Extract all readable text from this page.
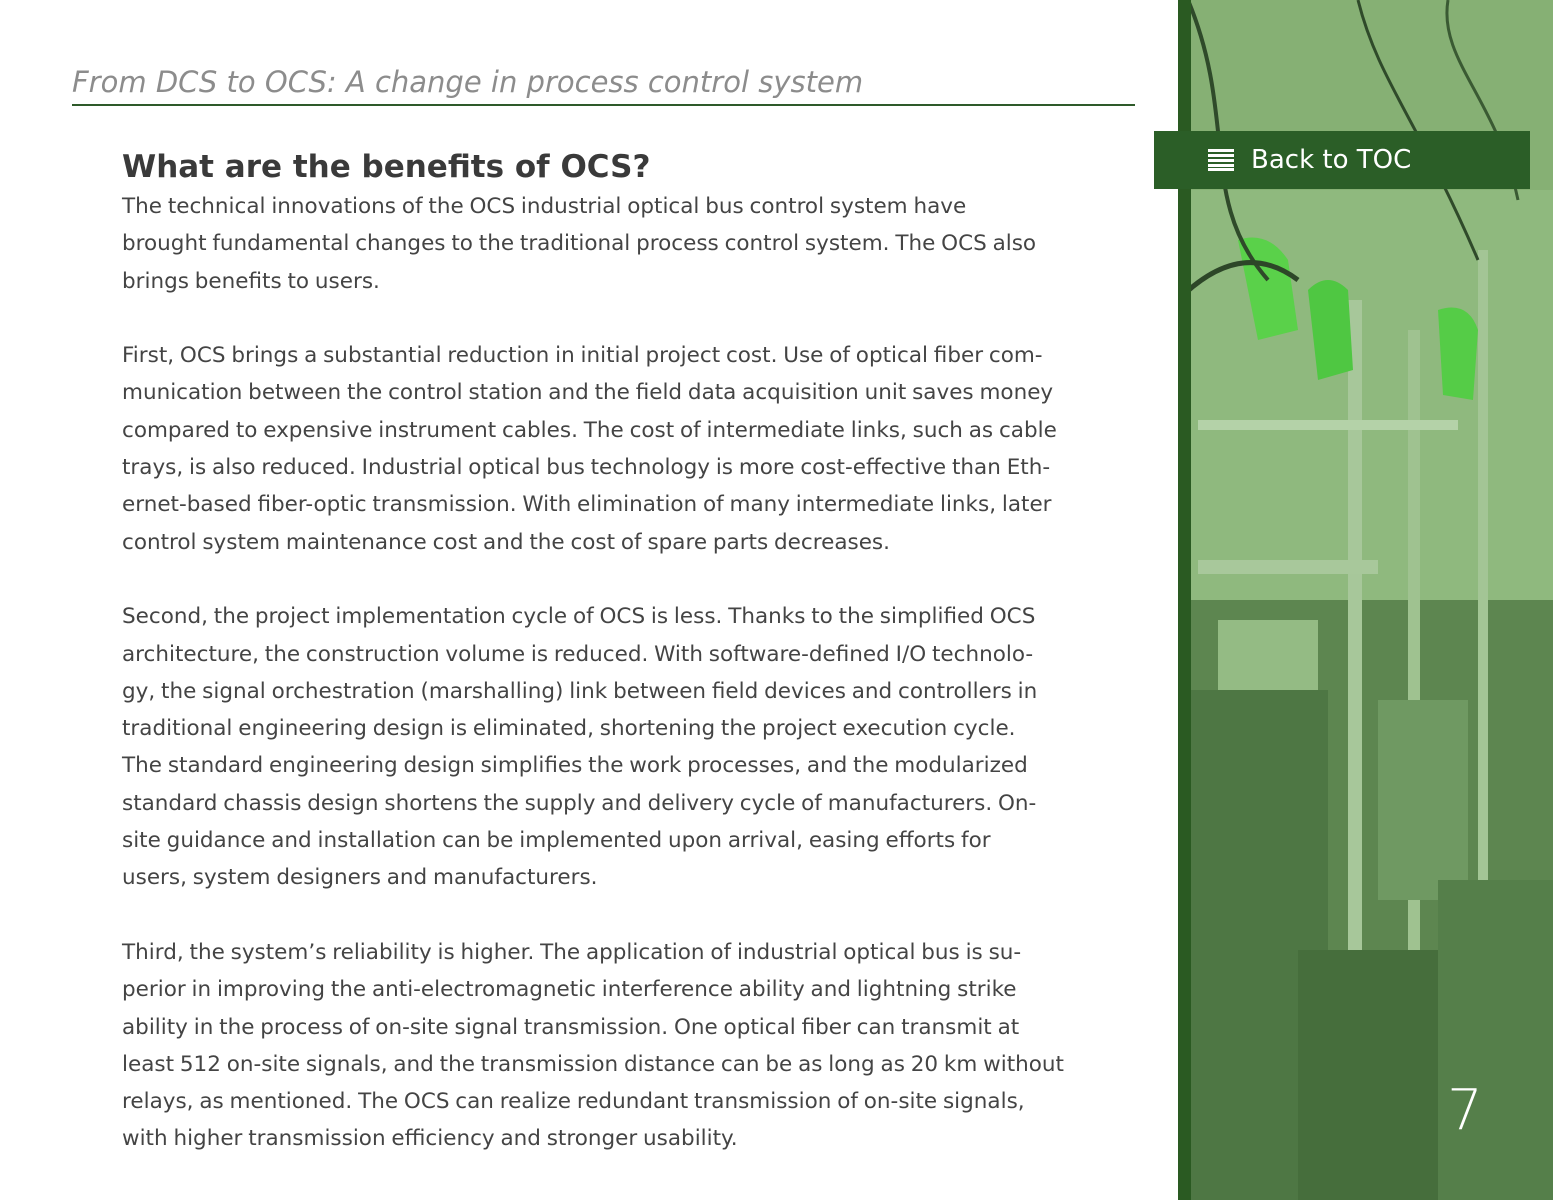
From DCS to OCS: A change in process control system
What are the benefits of OCS?

The technical innovations of the OCS industrial optical bus control system have
brought fundamental changes to the traditional process control system. The OCS also
brings benefits to users.

First, OCS brings a substantial reduction in initial project cost. Use of optical fiber com-
munication between the control station and the field data acquisition unit saves money
compared to expensive instrument cables. The cost of intermediate links, such as cable
trays, is also reduced. Industrial optical bus technology is more cost-effective than Eth-
ernet-based fiber-optic transmission. With elimination of many intermediate links, later
control system maintenance cost and the cost of spare parts decreases.

Second, the project implementation cycle of OCS is less. Thanks to the simplified OCS
architecture, the construction volume is reduced. With software-defined I/O technolo-
gy, the signal orchestration (marshalling) link between field devices and controllers in
traditional engineering design is eliminated, shortening the project execution cycle.
The standard engineering design simplifies the work processes, and the modularized
standard chassis design shortens the supply and delivery cycle of manufacturers. On-
site guidance and installation can be implemented upon arrival, easing efforts for
users, system designers and manufacturers.

Third, the system’s reliability is higher. The application of industrial optical bus is su-
perior in improving the anti-electromagnetic interference ability and lightning strike
ability in the process of on-site signal transmission. One optical fiber can transmit at
least 512 on-site signals, and the transmission distance can be as long as 20 km without
relays, as mentioned. The OCS can realize redundant transmission of on-site signals,
with higher transmission efficiency and stronger usability.

Back to TOC
7
